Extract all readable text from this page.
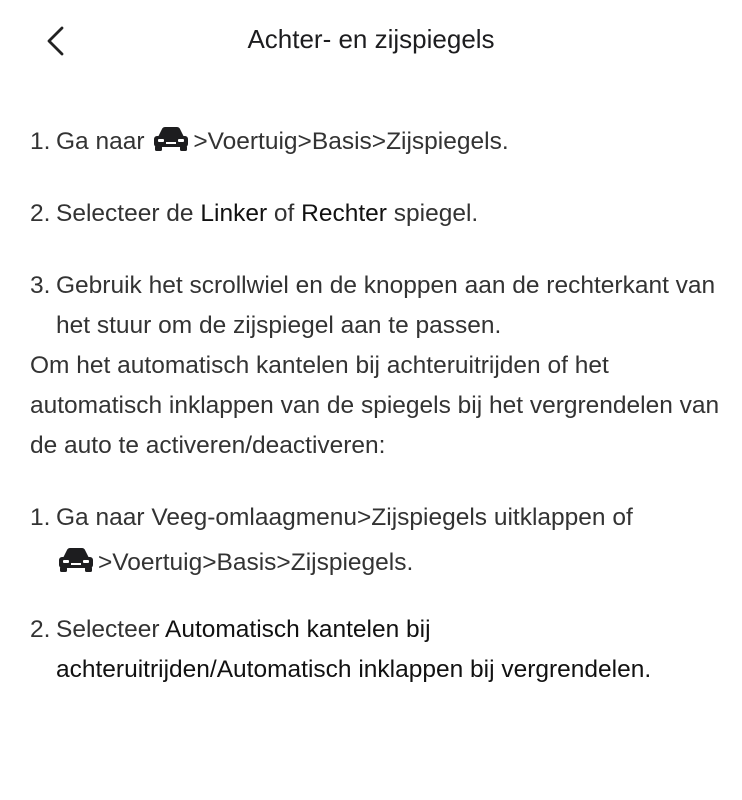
Achter- en zijspiegels
1. Ga naar >Voertuig>Basis>Zijspiegels.
2. Selecteer de Linker of Rechter spiegel.
3. Gebruik het scrollwiel en de knoppen aan de rechterkant van het stuur om de zijspiegel aan te passen.

Om het automatisch kantelen bij achteruitrijden of het automatisch inklappen van de spiegels bij het vergrendelen van de auto te activeren/deactiveren:

1. Ga naar Veeg-omlaagmenu>Zijspiegels uitklappen of
>Voertuig>Basis>Zijspiegels.
2. Selecteer Automatisch kantelen bij achteruitrijden/Automatisch inklappen bij vergrendelen.
